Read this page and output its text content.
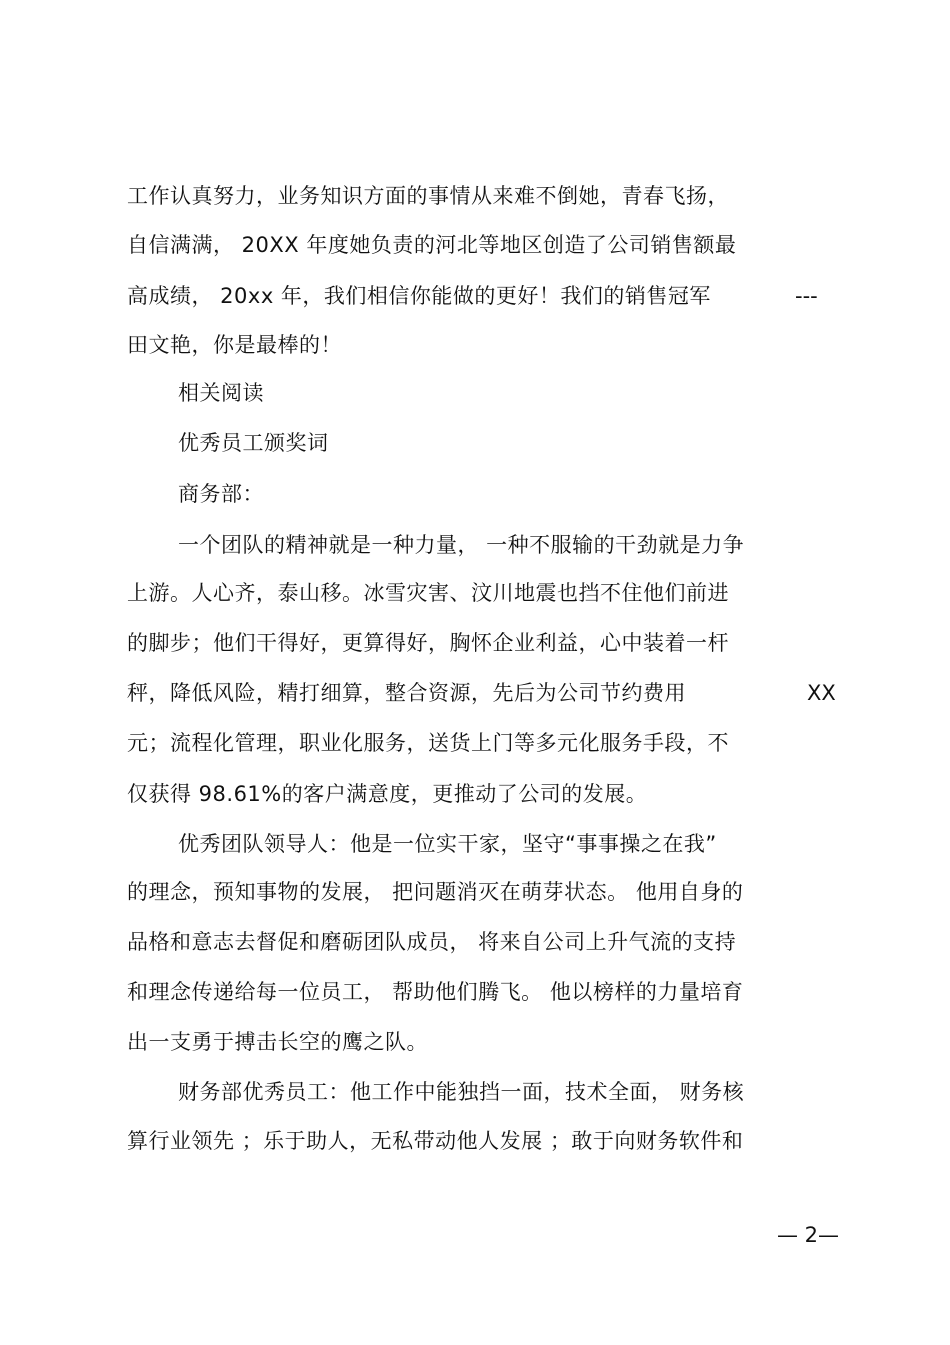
工作认真努力，业务知识方面的事情从来难不倒她，青春飞扬，
自信满满， 20XX 年度她负责的河北等地区创造了公司销售额最
高成绩， 20xx 年，我们相信你能做的更好！我们的销售冠军	---
田文艳，你是最棒的！
相关阅读
优秀员工颁奖词
商务部：
一个团队的精神就是一种力量， 一种不服输的干劲就是力争
上游。人心齐，泰山移。冰雪灾害、汶川地震也挡不住他们前进
的脚步；他们干得好，更算得好，胸怀企业利益，心中装着一杆
秤，降低风险，精打细算，整合资源，先后为公司节约费用	XX
元；流程化管理，职业化服务，送货上门等多元化服务手段，不
仅获得 98.61%的客户满意度，更推动了公司的发展。
优秀团队领导人：他是一位实干家，坚守“事事操之在我”
的理念，预知事物的发展， 把问题消灭在萌芽状态。 他用自身的
品格和意志去督促和磨砺团队成员， 将来自公司上升气流的支持
和理念传递给每一位员工， 帮助他们腾飞。 他以榜样的力量培育
出一支勇于搏击长空的鹰之队。
财务部优秀员工：他工作中能独挡一面，技术全面， 财务核
算行业领先 ；乐于助人，无私带动他人发展 ；敢于向财务软件和
— 2—
